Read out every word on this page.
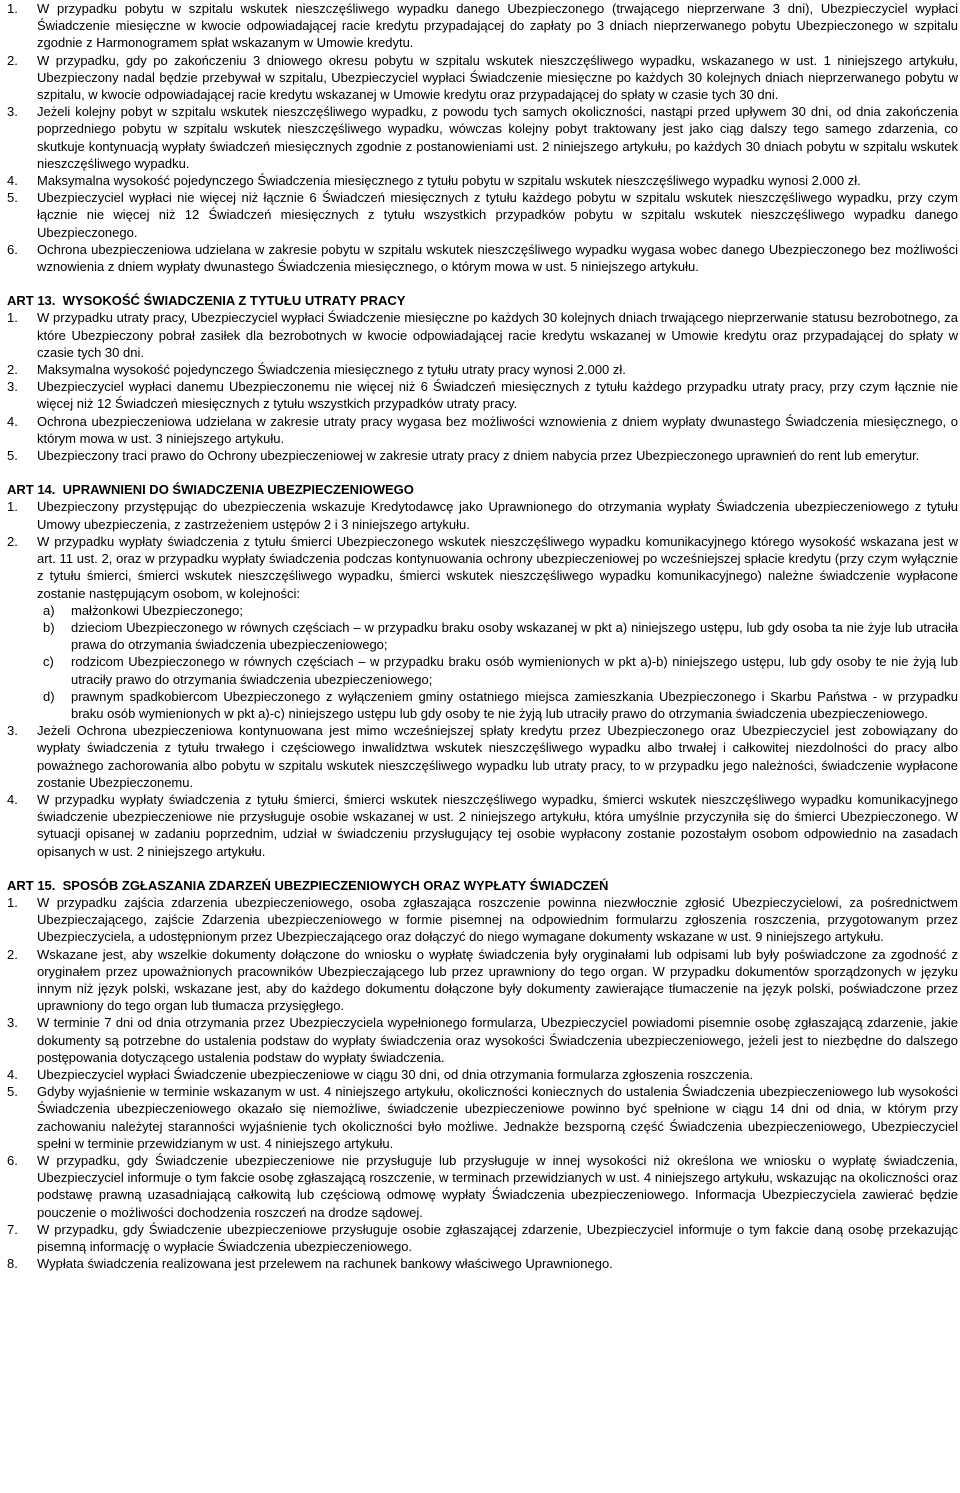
1.	W przypadku pobytu w szpitalu wskutek nieszczęśliwego wypadku danego Ubezpieczonego (trwającego nieprzerwane 3 dni), Ubezpieczyciel wypłaci Świadczenie miesięczne w kwocie odpowiadającej racie kredytu przypadającej do zapłaty po 3 dniach nieprzerwanego pobytu Ubezpieczonego w szpitalu zgodnie z Harmonogramem spłat wskazanym w Umowie kredytu.
2.	W przypadku, gdy po zakończeniu 3 dniowego okresu pobytu w szpitalu wskutek nieszczęśliwego wypadku, wskazanego w ust. 1 niniejszego artykułu, Ubezpieczony nadal będzie przebywał w szpitalu, Ubezpieczyciel wypłaci Świadczenie miesięczne po każdych 30 kolejnych dniach nieprzerwanego pobytu w szpitalu, w kwocie odpowiadającej racie kredytu wskazanej w Umowie kredytu oraz przypadającej do spłaty w czasie tych 30 dni.
3.	Jeżeli kolejny pobyt w szpitalu wskutek nieszczęśliwego wypadku, z powodu tych samych okoliczności, nastąpi przed upływem 30 dni, od dnia zakończenia poprzedniego pobytu w szpitalu wskutek nieszczęśliwego wypadku, wówczas kolejny pobyt traktowany jest jako ciąg dalszy tego samego zdarzenia, co skutkuje kontynuacją wypłaty świadczeń miesięcznych zgodnie z postanowieniami ust. 2 niniejszego artykułu, po każdych 30 dniach pobytu w szpitalu wskutek nieszczęśliwego wypadku.
4.	Maksymalna wysokość pojedynczego Świadczenia miesięcznego z tytułu pobytu w szpitalu wskutek nieszczęśliwego wypadku wynosi 2.000 zł.
5.	Ubezpieczyciel wypłaci nie więcej niż łącznie 6 Świadczeń miesięcznych z tytułu każdego pobytu w szpitalu wskutek nieszczęśliwego wypadku, przy czym łącznie nie więcej niż 12 Świadczeń miesięcznych z tytułu wszystkich przypadków pobytu w szpitalu wskutek nieszczęśliwego wypadku danego Ubezpieczonego.
6.	Ochrona ubezpieczeniowa udzielana w zakresie pobytu w szpitalu wskutek nieszczęśliwego wypadku wygasa wobec danego Ubezpieczonego bez możliwości wznowienia z dniem wypłaty dwunastego Świadczenia miesięcznego, o którym mowa w ust. 5 niniejszego artykułu.
ART 13. WYSOKOŚĆ ŚWIADCZENIA Z TYTUŁU UTRATY PRACY
1.	W przypadku utraty pracy, Ubezpieczyciel wypłaci Świadczenie miesięczne po każdych 30 kolejnych dniach trwającego nieprzerwanie statusu bezrobotnego, za które Ubezpieczony pobrał zasiłek dla bezrobotnych w kwocie odpowiadającej racie kredytu wskazanej w Umowie kredytu oraz przypadającej do spłaty w czasie tych 30 dni.
2.	Maksymalna wysokość pojedynczego Świadczenia miesięcznego z tytułu utraty pracy wynosi 2.000 zł.
3.	Ubezpieczyciel wypłaci danemu Ubezpieczonemu nie więcej niż 6 Świadczeń miesięcznych z tytułu każdego przypadku utraty pracy, przy czym łącznie nie więcej niż 12 Świadczeń miesięcznych z tytułu wszystkich przypadków utraty pracy.
4.	Ochrona ubezpieczeniowa udzielana w zakresie utraty pracy wygasa bez możliwości wznowienia z dniem wypłaty dwunastego Świadczenia miesięcznego, o którym mowa w ust. 3 niniejszego artykułu.
5.	Ubezpieczony traci prawo do Ochrony ubezpieczeniowej w zakresie utraty pracy z dniem nabycia przez Ubezpieczonego uprawnień do rent lub emerytur.
ART 14. UPRAWNIENI DO ŚWIADCZENIA UBEZPIECZENIOWEGO
1.	Ubezpieczony przystępując do ubezpieczenia wskazuje Kredytodawcę jako Uprawnionego do otrzymania wypłaty Świadczenia ubezpieczeniowego z tytułu Umowy ubezpieczenia, z zastrzeżeniem ustępów 2 i 3 niniejszego artykułu.
2.	W przypadku wypłaty świadczenia z tytułu śmierci Ubezpieczonego wskutek nieszczęśliwego wypadku komunikacyjnego którego wysokość wskazana jest w art. 11 ust. 2, oraz w przypadku wypłaty świadczenia podczas kontynuowania ochrony ubezpieczeniowej po wcześniejszej spłacie kredytu (przy czym wyłącznie z tytułu śmierci, śmierci wskutek nieszczęśliwego wypadku, śmierci wskutek nieszczęśliwego wypadku komunikacyjnego) należne świadczenie wypłacone zostanie następującym osobom, w kolejności:
a)	małżonkowi Ubezpieczonego;
b)	dzieciom Ubezpieczonego w równych częściach – w przypadku braku osoby wskazanej w pkt a) niniejszego ustępu, lub gdy osoba ta nie żyje lub utraciła prawa do otrzymania świadczenia ubezpieczeniowego;
c)	rodzicom Ubezpieczonego w równych częściach – w przypadku braku osób wymienionych w pkt a)-b) niniejszego ustępu, lub gdy osoby te nie żyją lub utraciły prawo do otrzymania świadczenia ubezpieczeniowego;
d)	prawnym spadkobiercom Ubezpieczonego z wyłączeniem gminy ostatniego miejsca zamieszkania Ubezpieczonego i Skarbu Państwa - w przypadku braku osób wymienionych w pkt a)-c) niniejszego ustępu lub gdy osoby te nie żyją lub utraciły prawo do otrzymania świadczenia ubezpieczeniowego.
3.	Jeżeli Ochrona ubezpieczeniowa kontynuowana jest mimo wcześniejszej spłaty kredytu przez Ubezpieczonego oraz Ubezpieczyciel jest zobowiązany do wypłaty świadczenia z tytułu trwałego i częściowego inwalidztwa wskutek nieszczęśliwego wypadku albo trwałej i całkowitej niezdolności do pracy albo poważnego zachorowania albo pobytu w szpitalu wskutek nieszczęśliwego wypadku lub utraty pracy, to w przypadku jego należności, świadczenie wypłacone zostanie Ubezpieczonemu.
4.	W przypadku wypłaty świadczenia z tytułu śmierci, śmierci wskutek nieszczęśliwego wypadku, śmierci wskutek nieszczęśliwego wypadku komunikacyjnego świadczenie ubezpieczeniowe nie przysługuje osobie wskazanej w ust. 2 niniejszego artykułu, która umyślnie przyczyniła się do śmierci Ubezpieczonego. W sytuacji opisanej w zadaniu poprzednim, udział w świadczeniu przysługujący tej osobie wypłacony zostanie pozostałym osobom odpowiednio na zasadach opisanych w ust. 2 niniejszego artykułu.
ART 15. SPOSÓB ZGŁASZANIA ZDARZEŃ UBEZPIECZENIOWYCH ORAZ WYPŁATY ŚWIADCZEŃ
1.	W przypadku zajścia zdarzenia ubezpieczeniowego, osoba zgłaszająca roszczenie powinna niezwłocznie zgłosić Ubezpieczycielowi, za pośrednictwem Ubezpieczającego, zajście Zdarzenia ubezpieczeniowego w formie pisemnej na odpowiednim formularzu zgłoszenia roszczenia, przygotowanym przez Ubezpieczyciela, a udostępnionym przez Ubezpieczającego oraz dołączyć do niego wymagane dokumenty wskazane w ust. 9 niniejszego artykułu.
2.	Wskazane jest, aby wszelkie dokumenty dołączone do wniosku o wypłatę świadczenia były oryginałami lub odpisami lub były poświadczone za zgodność z oryginałem przez upoważnionych pracowników Ubezpieczającego lub przez uprawniony do tego organ. W przypadku dokumentów sporządzonych w języku innym niż język polski, wskazane jest, aby do każdego dokumentu dołączone były dokumenty zawierające tłumaczenie na język polski, poświadczone przez uprawniony do tego organ lub tłumacza przysięgłego.
3.	W terminie 7 dni od dnia otrzymania przez Ubezpieczyciela wypełnionego formularza, Ubezpieczyciel powiadomi pisemnie osobę zgłaszającą zdarzenie, jakie dokumenty są potrzebne do ustalenia podstaw do wypłaty świadczenia oraz wysokości Świadczenia ubezpieczeniowego, jeżeli jest to niezbędne do dalszego postępowania dotyczącego ustalenia podstaw do wypłaty świadczenia.
4.	Ubezpieczyciel wypłaci Świadczenie ubezpieczeniowe w ciągu 30 dni, od dnia otrzymania formularza zgłoszenia roszczenia.
5.	Gdyby wyjaśnienie w terminie wskazanym w ust. 4 niniejszego artykułu, okoliczności koniecznych do ustalenia Świadczenia ubezpieczeniowego lub wysokości Świadczenia ubezpieczeniowego okazało się niemożliwe, świadczenie ubezpieczeniowe powinno być spełnione w ciągu 14 dni od dnia, w którym przy zachowaniu należytej staranności wyjaśnienie tych okoliczności było możliwe. Jednakże bezsporną część Świadczenia ubezpieczeniowego, Ubezpieczyciel spełni w terminie przewidzianym w ust. 4 niniejszego artykułu.
6.	W przypadku, gdy Świadczenie ubezpieczeniowe nie przysługuje lub przysługuje w innej wysokości niż określona we wniosku o wypłatę świadczenia, Ubezpieczyciel informuje o tym fakcie osobę zgłaszającą roszczenie, w terminach przewidzianych w ust. 4 niniejszego artykułu, wskazując na okoliczności oraz podstawę prawną uzasadniającą całkowitą lub częściową odmowę wypłaty Świadczenia ubezpieczeniowego. Informacja Ubezpieczyciela zawierać będzie pouczenie o możliwości dochodzenia roszczeń na drodze sądowej.
7.	W przypadku, gdy Świadczenie ubezpieczeniowe przysługuje osobie zgłaszającej zdarzenie, Ubezpieczyciel informuje o tym fakcie daną osobę przekazując pisemną informację o wypłacie Świadczenia ubezpieczeniowego.
8.	Wypłata świadczenia realizowana jest przelewem na rachunek bankowy właściwego Uprawnionego.
